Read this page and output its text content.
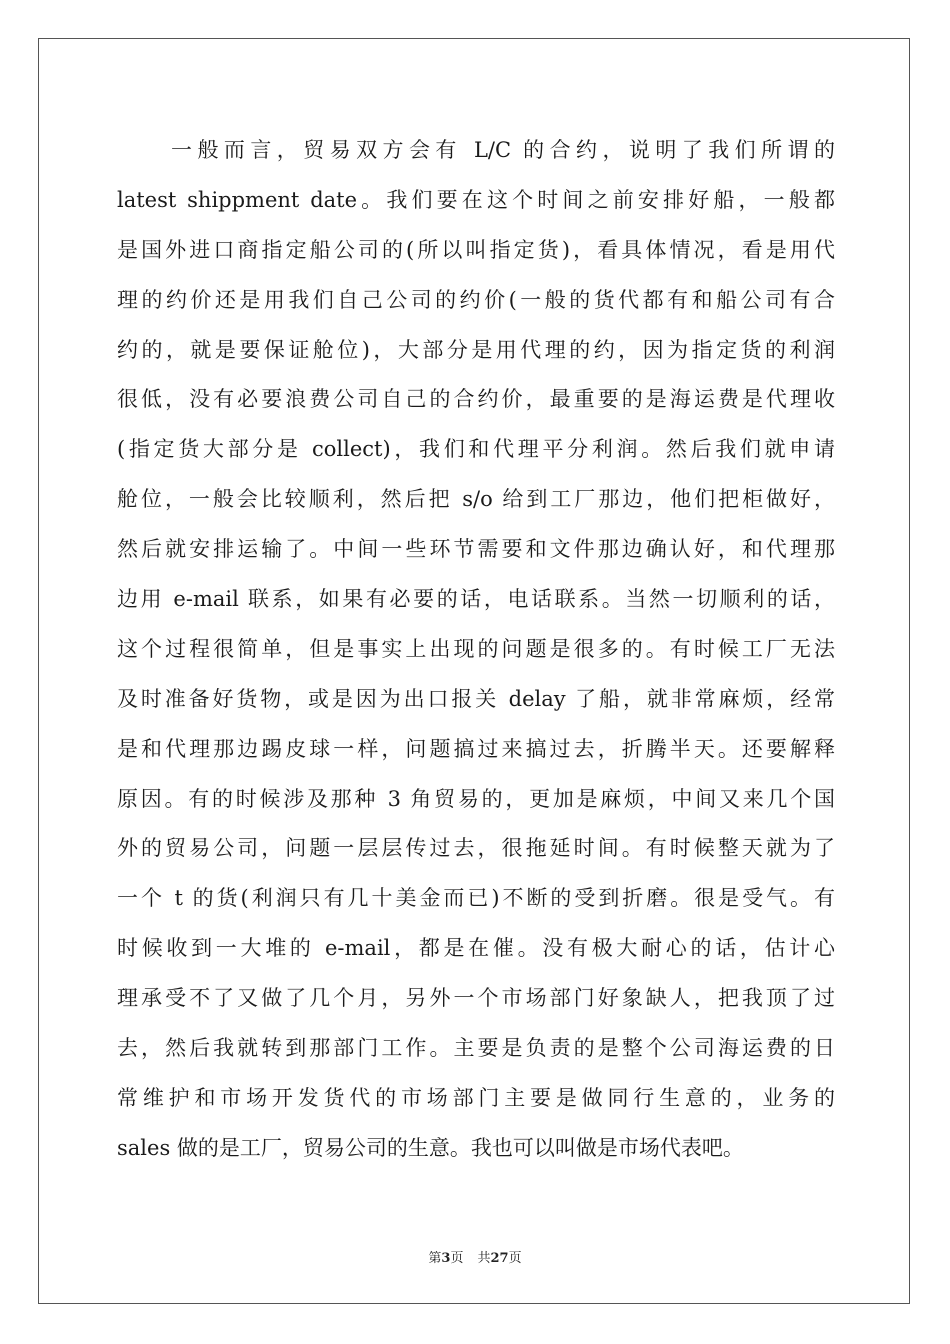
一般而言，贸易双方会有 L/C 的合约，说明了我们所谓的
latest shippment date。我们要在这个时间之前安排好船，一般都
是国外进口商指定船公司的(所以叫指定货)，看具体情况，看是用代
理的约价还是用我们自己公司的约价(一般的货代都有和船公司有合
约的，就是要保证舱位)，大部分是用代理的约，因为指定货的利润
很低，没有必要浪费公司自己的合约价，最重要的是海运费是代理收
(指定货大部分是 collect)，我们和代理平分利润。然后我们就申请
舱位，一般会比较顺利，然后把 s/o 给到工厂那边，他们把柜做好，
然后就安排运输了。中间一些环节需要和文件那边确认好，和代理那
边用 e-mail 联系，如果有必要的话，电话联系。当然一切顺利的话，
这个过程很简单，但是事实上出现的问题是很多的。有时候工厂无法
及时准备好货物，或是因为出口报关 delay 了船，就非常麻烦，经常
是和代理那边踢皮球一样，问题搞过来搞过去，折腾半天。还要解释
原因。有的时候涉及那种 3 角贸易的，更加是麻烦，中间又来几个国
外的贸易公司，问题一层层传过去，很拖延时间。有时候整天就为了
一个 t 的货(利润只有几十美金而已)不断的受到折磨。很是受气。有
时候收到一大堆的 e-mail，都是在催。没有极大耐心的话，估计心
理承受不了又做了几个月，另外一个市场部门好象缺人，把我顶了过
去，然后我就转到那部门工作。主要是负责的是整个公司海运费的日
常维护和市场开发货代的市场部门主要是做同行生意的，业务的
sales 做的是工厂，贸易公司的生意。我也可以叫做是市场代表吧。
第3页 共27页
